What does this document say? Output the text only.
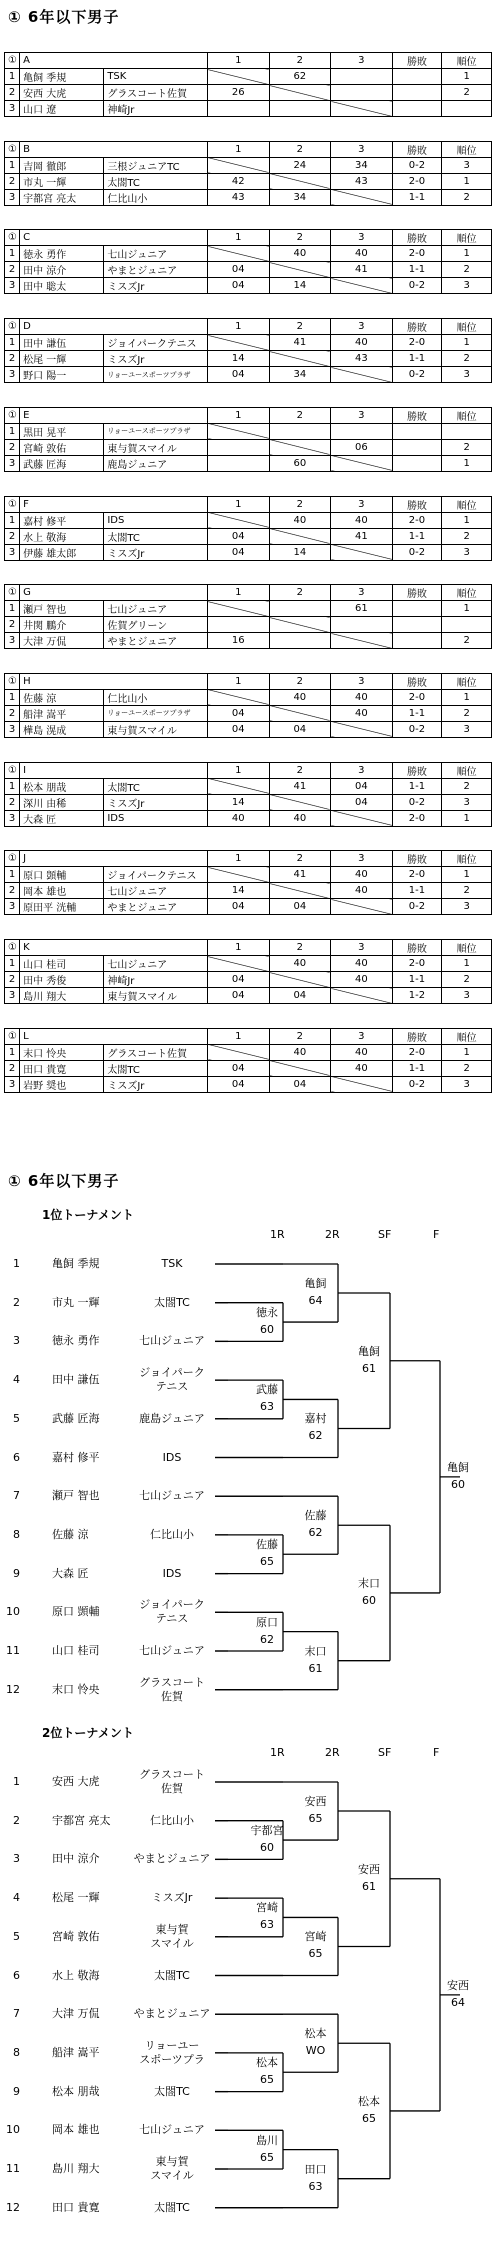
① 6年以下男子
①	A		1	2	3	勝敗	順位
1	亀飼 季規	TSK		62			1
2	安西 大虎	グラスコート佐賀	26				2
3	山口 遼	神崎Jr					
①	B		1	2	3	勝敗	順位
1	吉岡 徹郎	三根ジュニアTC		24	34	0-2	3
2	市丸 一輝	太閤TC	42		43	2-0	1
3	宇都宮 亮太	仁比山小	43	34		1-1	2
①	C		1	2	3	勝敗	順位
1	徳永 勇作	七山ジュニア		40	40	2-0	1
2	田中 涼介	やまとジュニア	04		41	1-1	2
3	田中 聡太	ミスズJr	04	14		0-2	3
①	D		1	2	3	勝敗	順位
1	田中 謙伍	ジョイパークテニス		41	40	2-0	1
2	松尾 一輝	ミスズJr	14		43	1-1	2
3	野口 陽一	リョーユースポーツプラザ	04	34		0-2	3
①	E		1	2	3	勝敗	順位
1	黒田 晃平	リョーユースポーツプラザ					
2	宮崎 敦佑	東与賀スマイル			06		2
3	武藤 匠海	鹿島ジュニア		60			1
①	F		1	2	3	勝敗	順位
1	嘉村 修平	IDS		40	40	2-0	1
2	水上 敬海	太閤TC	04		41	1-1	2
3	伊藤 雄太郎	ミスズJr	04	14		0-2	3
①	G		1	2	3	勝敗	順位
1	瀬戸 智也	七山ジュニア			61		1
2	井関 鵬介	佐賀グリーン					
3	大津 万侃	やまとジュニア	16				2
①	H		1	2	3	勝敗	順位
1	佐藤 涼	仁比山小		40	40	2-0	1
2	船津 嵩平	リョーユースポーツプラザ	04		40	1-1	2
3	樺島 滉成	東与賀スマイル	04	04		0-2	3
①	I		1	2	3	勝敗	順位
1	松本 朋哉	太閤TC		41	04	1-1	2
2	深川 由稀	ミスズJr	14		04	0-2	3
3	大森 匠	IDS	40	40		2-0	1
①	J		1	2	3	勝敗	順位
1	原口 顗輔	ジョイパークテニス		41	40	2-0	1
2	岡本 雄也	七山ジュニア	14		40	1-1	2
3	原田平 洸輔	やまとジュニア	04	04		0-2	3
①	K		1	2	3	勝敗	順位
1	山口 桂司	七山ジュニア		40	40	2-0	1
2	田中 秀俊	神崎Jr	04		40	1-1	2
3	島川 翔大	東与賀スマイル	04	04		1-2	3
①	L		1	2	3	勝敗	順位
1	末口 怜央	グラスコート佐賀		40	40	2-0	1
2	田口 貴寛	太閤TC	04		40	1-1	2
3	岩野 奨也	ミスズJr	04	04		0-2	3
① 6年以下男子
1位トーナメント
1R	2R	SF	F
1	亀飼 季規	TSK
2	市丸 一輝	太閤TC
3	徳永 勇作	七山ジュニア
4	田中 謙伍
ジョイパーク
テニス
5	武藤 匠海	鹿島ジュニア
6	嘉村 修平	IDS
7	瀬戸 智也	七山ジュニア
8	佐藤 涼	仁比山小
9	大森 匠	IDS
10	原口 顗輔
ジョイパーク
テニス
11	山口 桂司	七山ジュニア
12	末口 怜央
グラスコート
佐賀
徳永
60
武藤
63
佐藤
65
原口
62
亀飼
64
嘉村
62
佐藤
62
末口
61
亀飼
61
末口
60
亀飼
60
2位トーナメント
1R	2R	SF	F
1	安西 大虎
グラスコート
佐賀
2	宇都宮 亮太	仁比山小
3	田中 涼介	やまとジュニア
4	松尾 一輝	ミスズJr
5	宮崎 敦佑
東与賀
スマイル
6	水上 敬海	太閤TC
7	大津 万侃	やまとジュニア
8	船津 嵩平
リョーユー
スポーツプラ
9	松本 朋哉	太閤TC
10	岡本 雄也	七山ジュニア
11	島川 翔大
東与賀
スマイル
12	田口 貴寛	太閤TC
宇都宮
60
宮崎
63
松本
65
島川
65
安西
65
宮崎
65
松本
WO
田口
63
安西
61
松本
65
安西
64
